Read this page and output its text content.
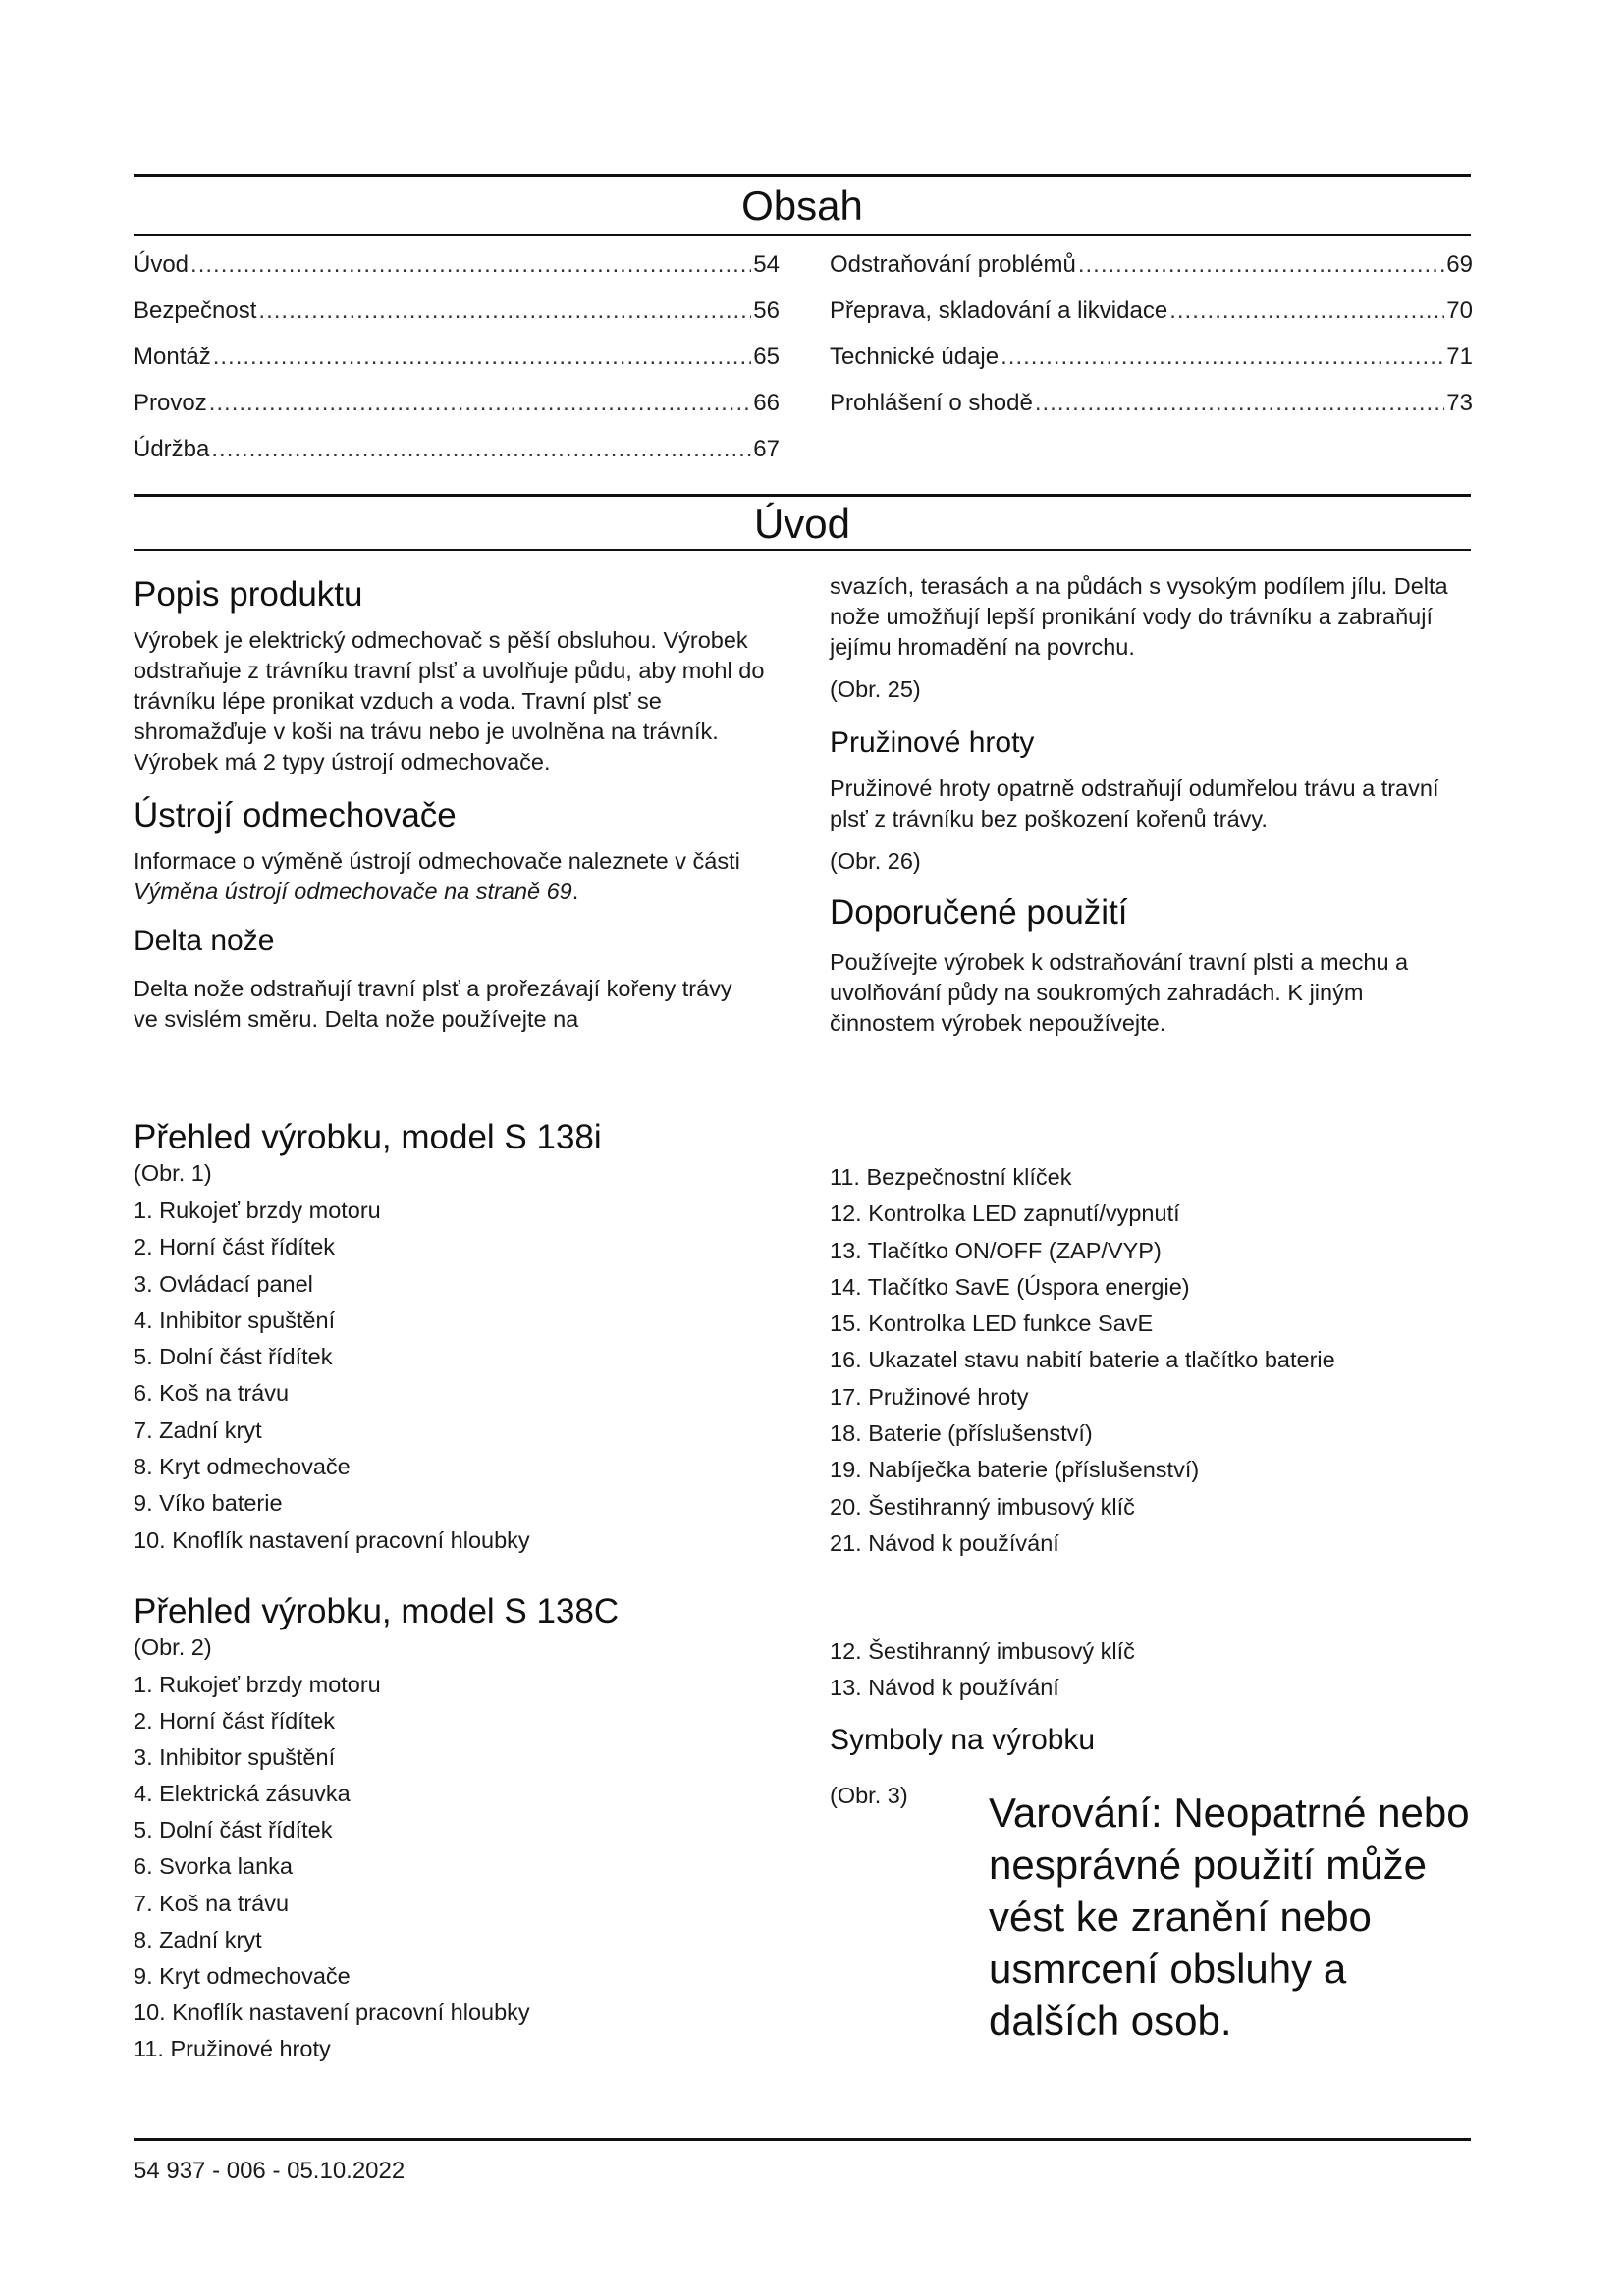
Obsah
Úvod .....	54
Bezpečnost .....	56
Montáž .....	65
Provoz .....	66
Údržba .....	67
Odstraňování problémů .....	69
Přeprava, skladování a likvidace .....	70
Technické údaje .....	71
Prohlášení o shodě .....	73
Úvod
Popis produktu

Výrobek je elektrický odmechovač s pěší obsluhou. Výrobek odstraňuje z trávníku travní plsť a uvolňuje půdu, aby mohl do trávníku lépe pronikat vzduch a voda. Travní plsť se shromažďuje v koši na trávu nebo je uvolněna na trávník. Výrobek má 2 typy ústrojí odmechovače.

Ústrojí odmechovače

Informace o výměně ústrojí odmechovače naleznete v části Výměna ústrojí odmechovače na straně 69.

Delta nože

Delta nože odstraňují travní plsť a prořezávají kořeny trávy ve svislém směru. Delta nože používejte na

svazích, terasách a na půdách s vysokým podílem jílu. Delta nože umožňují lepší pronikání vody do trávníku a zabraňují jejímu hromadění na povrchu.

(Obr. 25)

Pružinové hroty

Pružinové hroty opatrně odstraňují odumřelou trávu a travní plsť z trávníku bez poškození kořenů trávy.

(Obr. 26)

Doporučené použití

Používejte výrobek k odstraňování travní plsti a mechu a uvolňování půdy na soukromých zahradách. K jiným činnostem výrobek nepoužívejte.

Přehled výrobku, model S 138i

(Obr. 1)

1. Rukojeť brzdy motoru
2. Horní část řídítek
3. Ovládací panel
4. Inhibitor spuštění
5. Dolní část řídítek
6. Koš na trávu
7. Zadní kryt
8. Kryt odmechovače
9. Víko baterie
10. Knoflík nastavení pracovní hloubky
11. Bezpečnostní klíček
12. Kontrolka LED zapnutí/vypnutí
13. Tlačítko ON/OFF (ZAP/VYP)
14. Tlačítko SavE (Úspora energie)
15. Kontrolka LED funkce SavE
16. Ukazatel stavu nabití baterie a tlačítko baterie
17. Pružinové hroty
18. Baterie (příslušenství)
19. Nabíječka baterie (příslušenství)
20. Šestihranný imbusový klíč
21. Návod k používání
Přehled výrobku, model S 138C

(Obr. 2)

1. Rukojeť brzdy motoru
2. Horní část řídítek
3. Inhibitor spuštění
4. Elektrická zásuvka
5. Dolní část řídítek
6. Svorka lanka
7. Koš na trávu
8. Zadní kryt
9. Kryt odmechovače
10. Knoflík nastavení pracovní hloubky
11. Pružinové hroty
12. Šestihranný imbusový klíč
13. Návod k používání
Symboly na výrobku

(Obr. 3)	Varování: Neopatrné nebo nesprávné použití může vést ke zranění nebo usmrcení obsluhy a dalších osob.
54 937 - 006 - 05.10.2022
